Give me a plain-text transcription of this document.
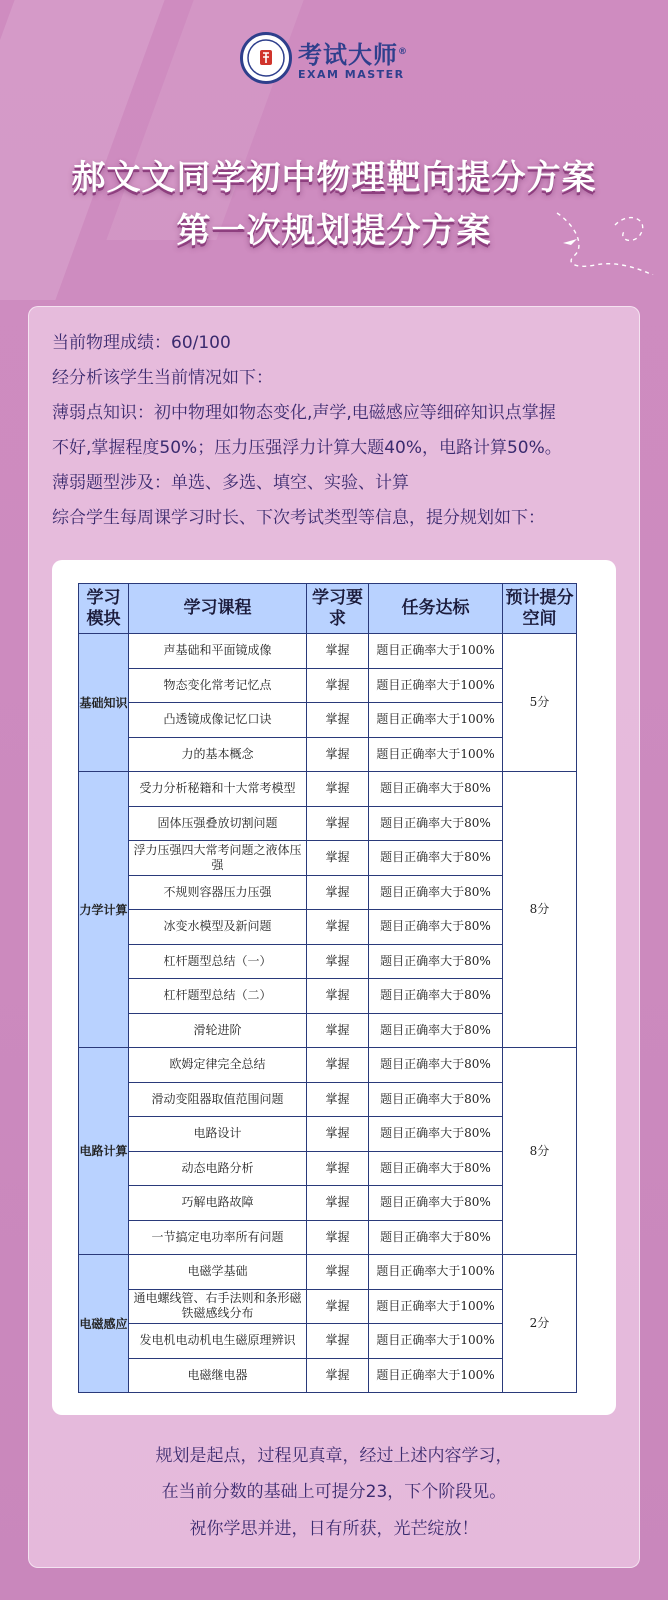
考试大师®
EXAM MASTER
郝文文同学初中物理靶向提分方案
第一次规划提分方案
当前物理成绩：60/100
经分析该学生当前情况如下：
薄弱点知识：初中物理如物态变化,声学,电磁感应等细碎知识点掌握
不好,掌握程度50%；压力压强浮力计算大题40%，电路计算50%。
薄弱题型涉及：单选、多选、填空、实验、计算
综合学生每周课学习时长、下次考试类型等信息，提分规划如下：
学习模块	学习课程	学习要求	任务达标	预计提分空间
基础知识	声基础和平面镜成像	掌握	题目正确率大于100%	5分
	物态变化常考记忆点	掌握	题目正确率大于100%	
	凸透镜成像记忆口诀	掌握	题目正确率大于100%	
	力的基本概念	掌握	题目正确率大于100%	
力学计算	受力分析秘籍和十大常考模型	掌握	题目正确率大于80%	8分
	固体压强叠放切割问题	掌握	题目正确率大于80%	
	浮力压强四大常考问题之液体压强	掌握	题目正确率大于80%	
	不规则容器压力压强	掌握	题目正确率大于80%	
	冰变水模型及新问题	掌握	题目正确率大于80%	
	杠杆题型总结（一）	掌握	题目正确率大于80%	
	杠杆题型总结（二）	掌握	题目正确率大于80%	
	滑轮进阶	掌握	题目正确率大于80%	
电路计算	欧姆定律完全总结	掌握	题目正确率大于80%	8分
	滑动变阻器取值范围问题	掌握	题目正确率大于80%	
	电路设计	掌握	题目正确率大于80%	
	动态电路分析	掌握	题目正确率大于80%	
	巧解电路故障	掌握	题目正确率大于80%	
	一节搞定电功率所有问题	掌握	题目正确率大于80%	
电磁感应	电磁学基础	掌握	题目正确率大于100%	2分
	通电螺线管、右手法则和条形磁铁磁感线分布	掌握	题目正确率大于100%	
	发电机电动机电生磁原理辨识	掌握	题目正确率大于100%	
	电磁继电器	掌握	题目正确率大于100%	
规划是起点，过程见真章，经过上述内容学习，
在当前分数的基础上可提分23，下个阶段见。
祝你学思并进，日有所获，光芒绽放！
